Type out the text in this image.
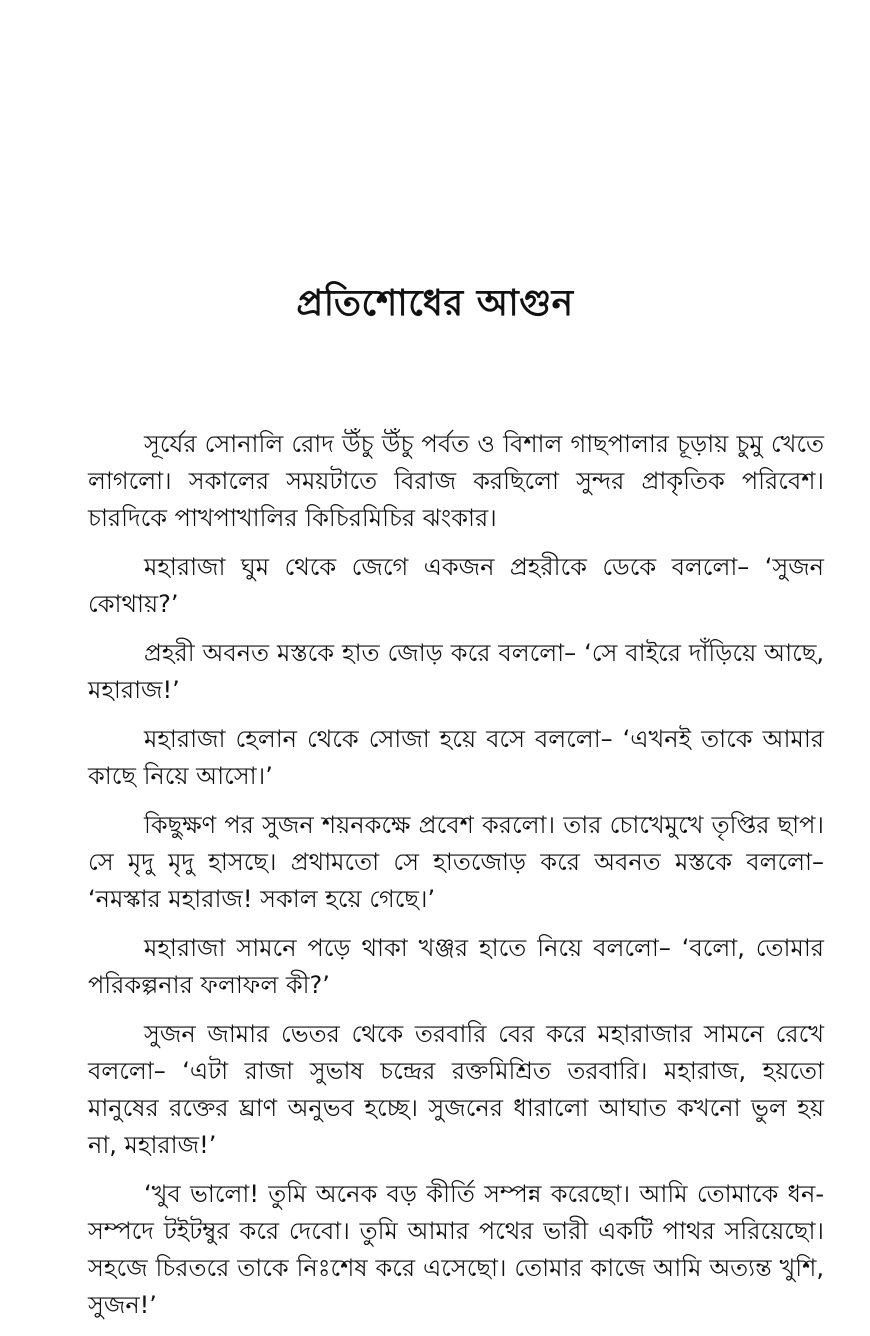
প্রতিশোধের আগুন

সূর্যের সোনালি রোদ উঁচু উঁচু পর্বত ও বিশাল গাছপালার চূড়ায় চুমু খেতে লাগলো। সকালের সময়টাতে বিরাজ করছিলো সুন্দর প্রাকৃতিক পরিবেশ। চারদিকে পাখপাখালির কিচিরমিচির ঝংকার।

মহারাজা ঘুম থেকে জেগে একজন প্রহরীকে ডেকে বললো– ‘সুজন কোথায়?’

প্রহরী অবনত মস্তকে হাত জোড় করে বললো– ‘সে বাইরে দাঁড়িয়ে আছে, মহারাজ!’

মহারাজা হেলান থেকে সোজা হয়ে বসে বললো– ‘এখনই তাকে আমার কাছে নিয়ে আসো।’

কিছুক্ষণ পর সুজন শয়নকক্ষে প্রবেশ করলো। তার চোখেমুখে তৃপ্তির ছাপ। সে মৃদু মৃদু হাসছে। প্রথামতো সে হাতজোড় করে অবনত মস্তকে বললো– ‘নমস্কার মহারাজ! সকাল হয়ে গেছে।’

মহারাজা সামনে পড়ে থাকা খঞ্জর হাতে নিয়ে বললো– ‘বলো, তোমার পরিকল্পনার ফলাফল কী?’

সুজন জামার ভেতর থেকে তরবারি বের করে মহারাজার সামনে রেখে বললো– ‘এটা রাজা সুভাষ চন্দ্রের রক্তমিশ্রিত তরবারি। মহারাজ, হয়তো মানুষের রক্তের ঘ্রাণ অনুভব হচ্ছে। সুজনের ধারালো আঘাত কখনো ভুল হয় না, মহারাজ!’

‘খুব ভালো! তুমি অনেক বড় কীর্তি সম্পন্ন করেছো। আমি তোমাকে ধন-সম্পদে টইটম্বুর করে দেবো। তুমি আমার পথের ভারী একটি পাথর সরিয়েছো। সহজে চিরতরে তাকে নিঃশেষ করে এসেছো। তোমার কাজে আমি অত্যন্ত খুশি, সুজন!’
